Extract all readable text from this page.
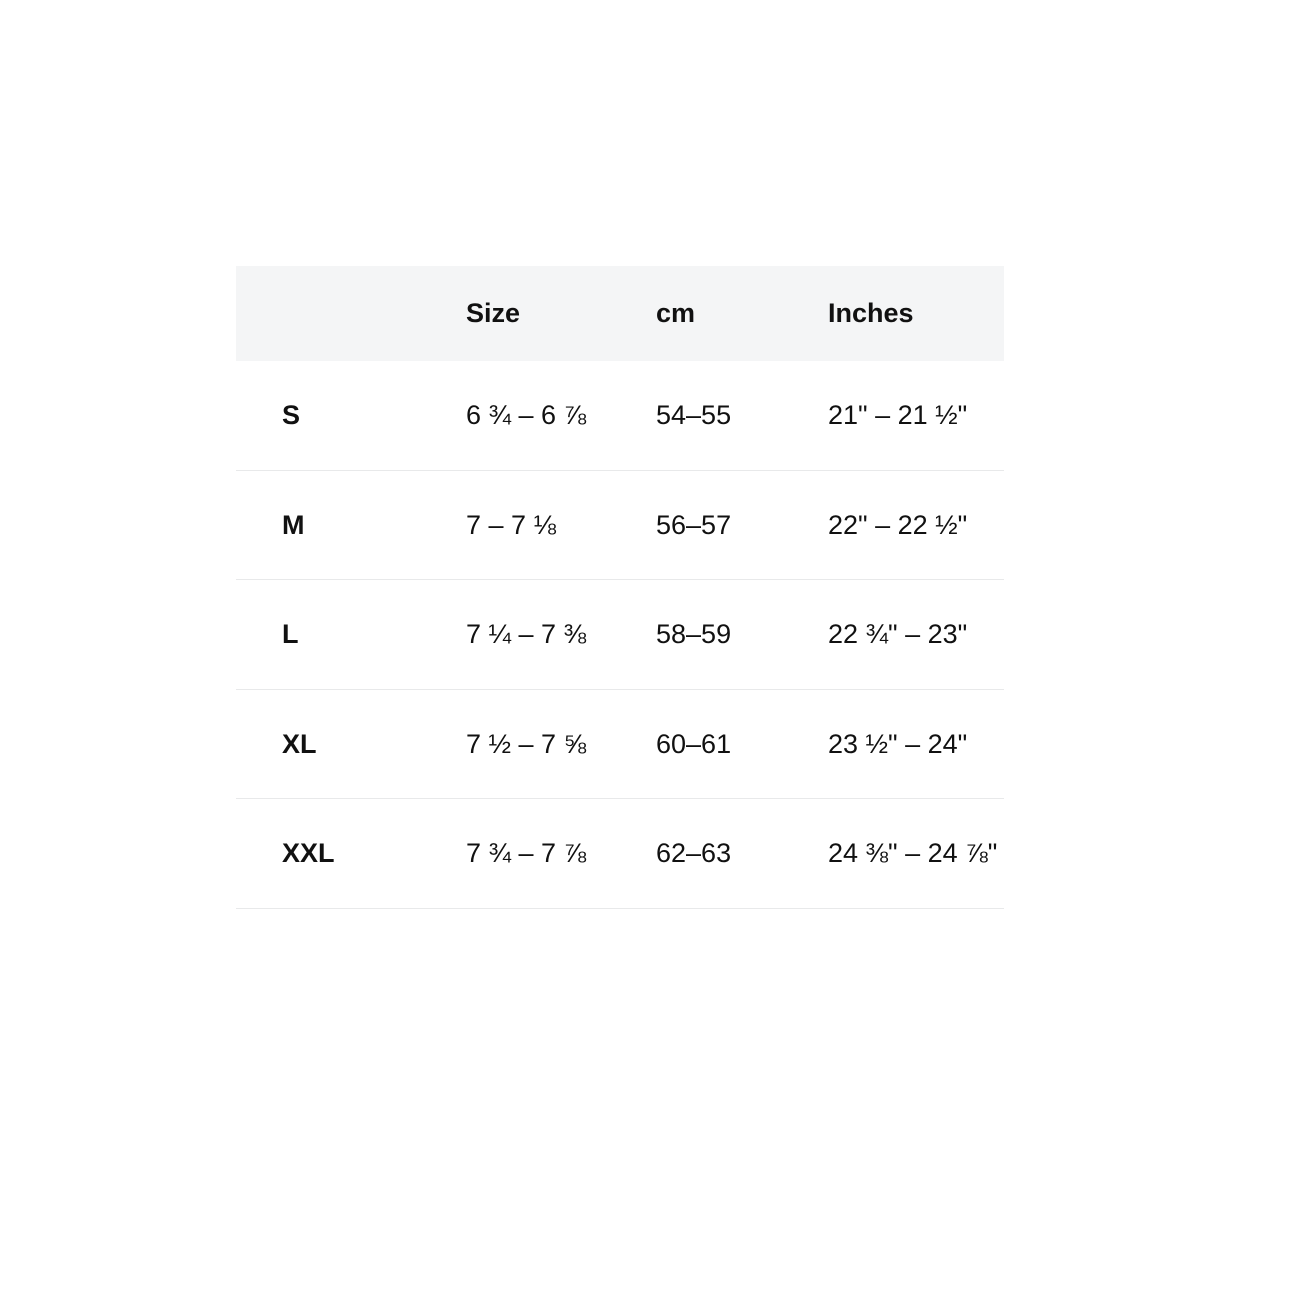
	Size	cm	Inches
S	6 ¾ – 6 ⅞	54–55	21" – 21 ½"
M	7 – 7 ⅛	56–57	22" – 22 ½"
L	7 ¼ – 7 ⅜	58–59	22 ¾" – 23"
XL	7 ½ – 7 ⅝	60–61	23 ½" – 24"
XXL	7 ¾ – 7 ⅞	62–63	24 ⅜" – 24 ⅞"
